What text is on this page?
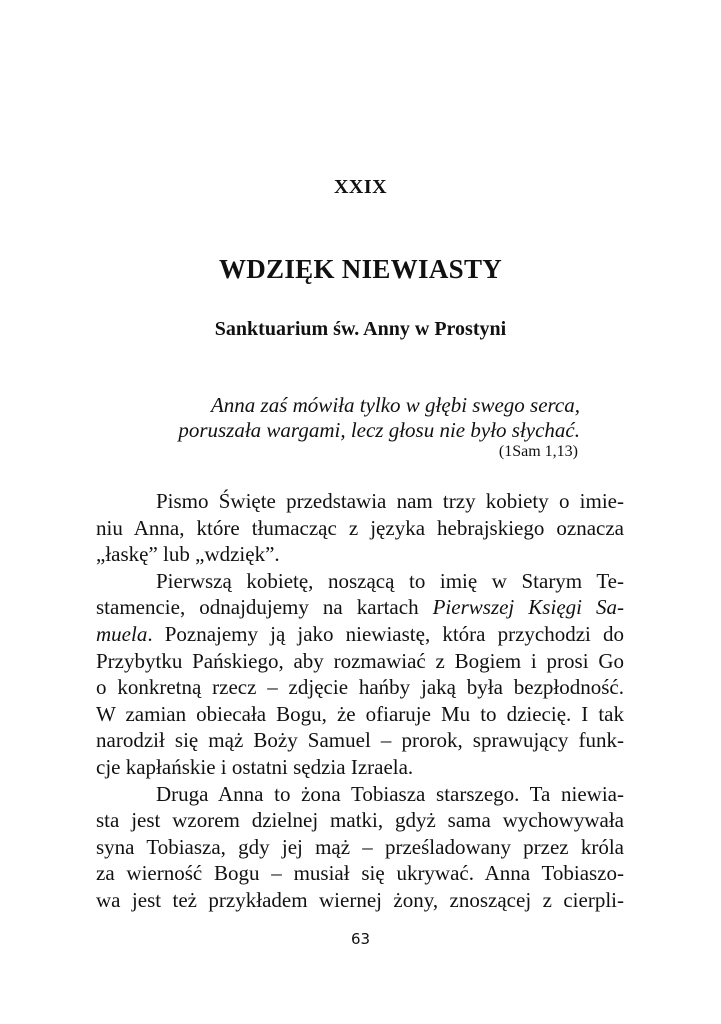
XXIX
WDZIĘK NIEWIASTY
Sanktuarium św. Anny w Prostyni
Anna zaś mówiła tylko w głębi swego serca,
poruszała wargami, lecz głosu nie było słychać.
(1Sam 1,13)
Pismo Święte przedstawia nam trzy kobiety o imie-
niu Anna, które tłumacząc z języka hebrajskiego oznacza
„łaskę” lub „wdzięk”.
Pierwszą kobietę, noszącą to imię w Starym Te-
stamencie, odnajdujemy na kartach Pierwszej Księgi Sa-
muela. Poznajemy ją jako niewiastę, która przychodzi do
Przybytku Pańskiego, aby rozmawiać z Bogiem i prosi Go
o konkretną rzecz – zdjęcie hańby jaką była bezpłodność.
W zamian obiecała Bogu, że ofiaruje Mu to dziecię. I tak
narodził się mąż Boży Samuel – prorok, sprawujący funk-
cje kapłańskie i ostatni sędzia Izraela.
Druga Anna to żona Tobiasza starszego. Ta niewia-
sta jest wzorem dzielnej matki, gdyż sama wychowywała
syna Tobiasza, gdy jej mąż – prześladowany przez króla
za wierność Bogu – musiał się ukrywać. Anna Tobiaszo-
wa jest też przykładem wiernej żony, znoszącej z cierpli-
63
